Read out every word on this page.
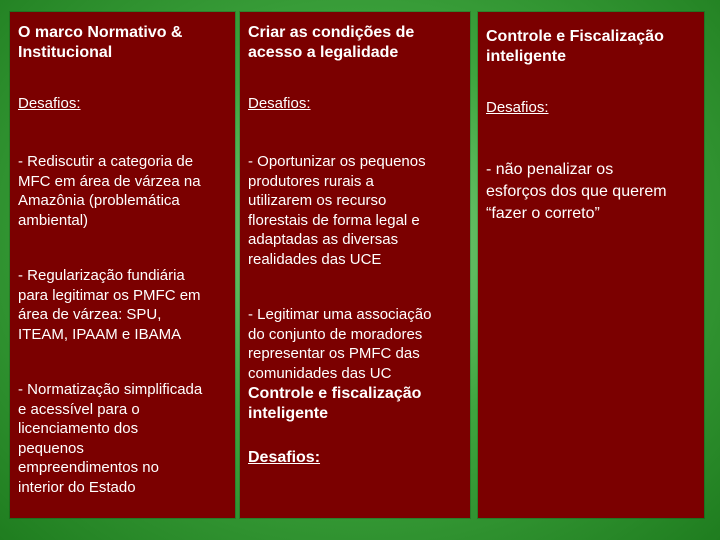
O marco Normativo &
Institucional
Desafios:
- Rediscutir a categoria de
MFC em área de várzea na
Amazônia (problemática
ambiental)
- Regularização fundiária
para legitimar os PMFC em
área de várzea: SPU,
ITEAM, IPAAM e IBAMA
- Normatização simplificada
e acessível para o
licenciamento dos
pequenos
empreendimentos no
interior do Estado
Criar as condições de
acesso a legalidade
Desafios:
- Oportunizar os pequenos
produtores rurais a
utilizarem os recurso
florestais de forma legal e
adaptadas as diversas
realidades das UCE
- Legitimar uma associação
do conjunto de moradores
representar os PMFC das
comunidades das UC
Controle e fiscalização
inteligente
Desafios:
Controle e Fiscalização
inteligente
Desafios:
- não penalizar os
esforços dos que querem
“fazer o correto”
